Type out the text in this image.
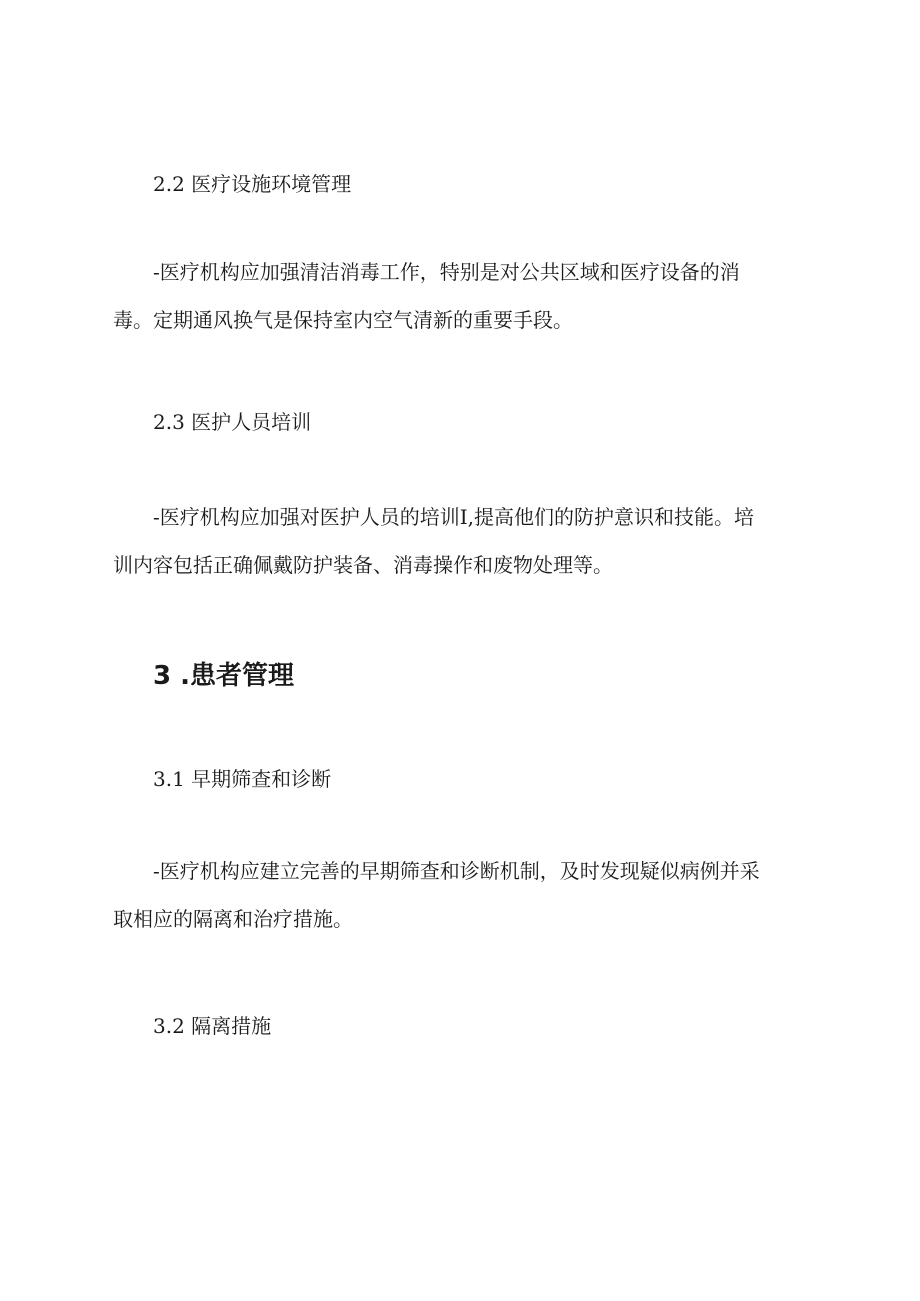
2.2 医疗设施环境管理
-医疗机构应加强清洁消毒工作，特别是对公共区域和医疗设备的消
毒。定期通风换气是保持室内空气清新的重要手段。
2.3 医护人员培训
-医疗机构应加强对医护人员的培训I,提高他们的防护意识和技能。培
训内容包括正确佩戴防护装备、消毒操作和废物处理等。
3 .患者管理
3.1 早期筛查和诊断
-医疗机构应建立完善的早期筛查和诊断机制，及时发现疑似病例并采
取相应的隔离和治疗措施。
3.2 隔离措施
